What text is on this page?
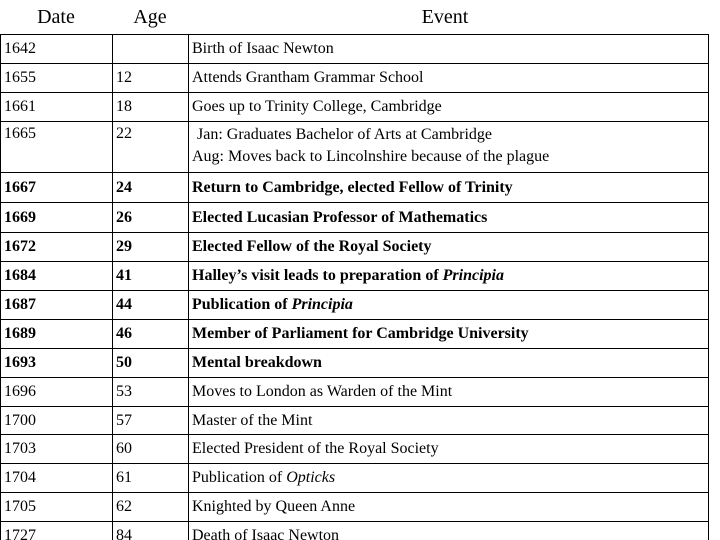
Date	Age	Event
1642		Birth of Isaac Newton
1655	12	Attends Grantham Grammar School
1661	18	Goes up to Trinity College, Cambridge
1665	22	Jan: Graduates Bachelor of Arts at Cambridge
Aug: Moves back to Lincolnshire because of the plague

1667	24	Return to Cambridge, elected Fellow of Trinity
1669	26	Elected Lucasian Professor of Mathematics
1672	29	Elected Fellow of the Royal Society
1684	41	Halley’s visit leads to preparation of Principia
1687	44	Publication of Principia
1689	46	Member of Parliament for Cambridge University
1693	50	Mental breakdown
1696	53	Moves to London as Warden of the Mint
1700	57	Master of the Mint
1703	60	Elected President of the Royal Society
1704	61	Publication of Opticks
1705	62	Knighted by Queen Anne
1727	84	Death of Isaac Newton
